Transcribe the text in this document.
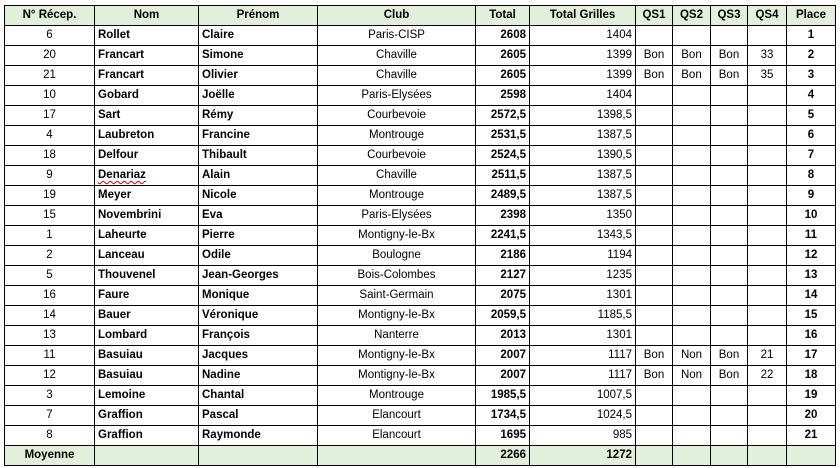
N° Récep.	Nom	Prénom	Club	Total	Total Grilles	QS1	QS2	QS3	QS4	Place
6	Rollet	Claire	Paris-CISP	2608	1404					1
20	Francart	Simone	Chaville	2605	1399	Bon	Bon	Bon	33	2
21	Francart	Olivier	Chaville	2605	1399	Bon	Bon	Bon	35	3
10	Gobard	Joëlle	Paris-Elysées	2598	1404					4
17	Sart	Rémy	Courbevoie	2572,5	1398,5					5
4	Laubreton	Francine	Montrouge	2531,5	1387,5					6
18	Delfour	Thibault	Courbevoie	2524,5	1390,5					7
9	Denariaz	Alain	Chaville	2511,5	1387,5					8
19	Meyer	Nicole	Montrouge	2489,5	1387,5					9
15	Novembrini	Eva	Paris-Elysées	2398	1350					10
1	Laheurte	Pierre	Montigny-le-Bx	2241,5	1343,5					11
2	Lanceau	Odile	Boulogne	2186	1194					12
5	Thouvenel	Jean-Georges	Bois-Colombes	2127	1235					13
16	Faure	Monique	Saint-Germain	2075	1301					14
14	Bauer	Véronique	Montigny-le-Bx	2059,5	1185,5					15
13	Lombard	François	Nanterre	2013	1301					16
11	Basuiau	Jacques	Montigny-le-Bx	2007	1117	Bon	Non	Bon	21	17
12	Basuiau	Nadine	Montigny-le-Bx	2007	1117	Bon	Non	Bon	22	18
3	Lemoine	Chantal	Montrouge	1985,5	1007,5					19
7	Graffion	Pascal	Elancourt	1734,5	1024,5					20
8	Graffion	Raymonde	Elancourt	1695	985					21
Moyenne				2266	1272					
